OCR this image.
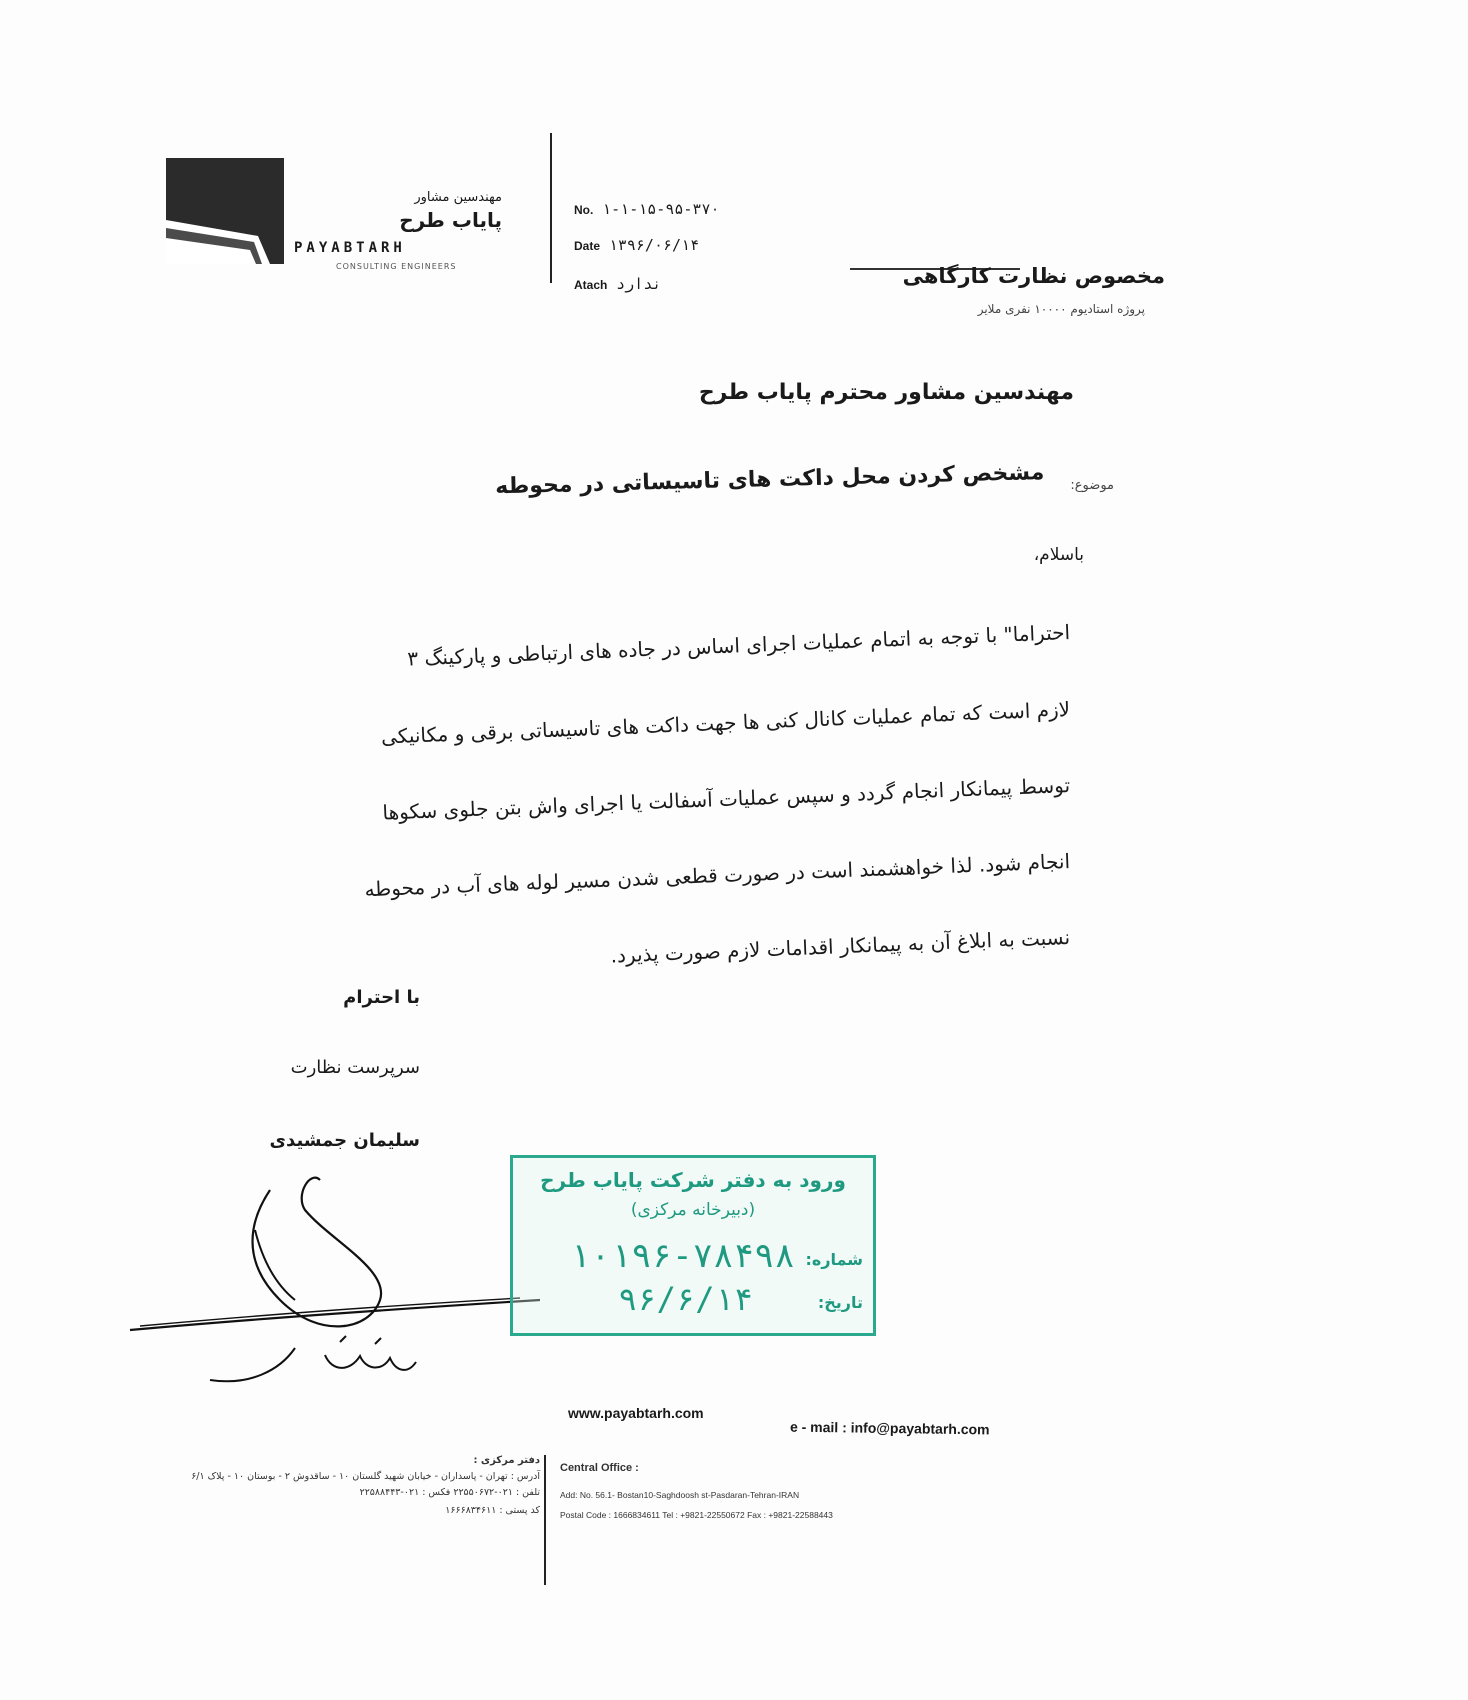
مهندسین مشاور
پایاب طرح
PAYABTARH
CONSULTING ENGINEERS
No. ۱-۱-۱۵-۹۵-۳۷۰
Date ۱۳۹۶/۰۶/۱۴
Atach ندارد	مخصوص نظارت کارگاهی
پروژه استادیوم ۱۰۰۰۰ نفری ملایر
مهندسین مشاور محترم پایاب طرح
موضوع:
مشخص کردن محل داکت های تاسیساتی در محوطه
باسلام،
احتراما" با توجه به اتمام عملیات اجرای اساس در جاده های ارتباطی و پارکینگ ۳
لازم است که تمام عملیات کانال کنی ها جهت داکت های تاسیساتی برقی و مکانیکی
توسط پیمانکار انجام گردد و سپس عملیات آسفالت یا اجرای واش بتن جلوی سکوها
انجام شود. لذا خواهشمند است در صورت قطعی شدن مسیر لوله های آب در محوطه
نسبت به ابلاغ آن به پیمانکار اقدامات لازم صورت پذیرد.
با احترام
سرپرست نظارت
سلیمان جمشیدی
ورود به دفتر شرکت پایاب طرح
(دبیرخانه مرکزی)
شماره:
۱۰۱۹۶-۷۸۴۹۸
تاریخ:
۹۶/۶/۱۴
www.payabtarh.com
e - mail : info@payabtarh.com
دفتر مرکزی :
آدرس : تهران - پاسداران - خیابان شهید گلستان ۱۰ - ساقدوش ۲ - بوستان ۱۰ - پلاک ۶/۱
تلفن : ۰۲۱-۲۲۵۵۰۶۷۲ فکس : ۰۲۱-۲۲۵۸۸۴۴۳
کد پستی : ۱۶۶۶۸۳۴۶۱۱
Central Office :
Add: No. 56.1- Bostan10-Saghdoosh st-Pasdaran-Tehran-IRAN
Postal Code : 1666834611 Tel : +9821-22550672 Fax : +9821-22588443
